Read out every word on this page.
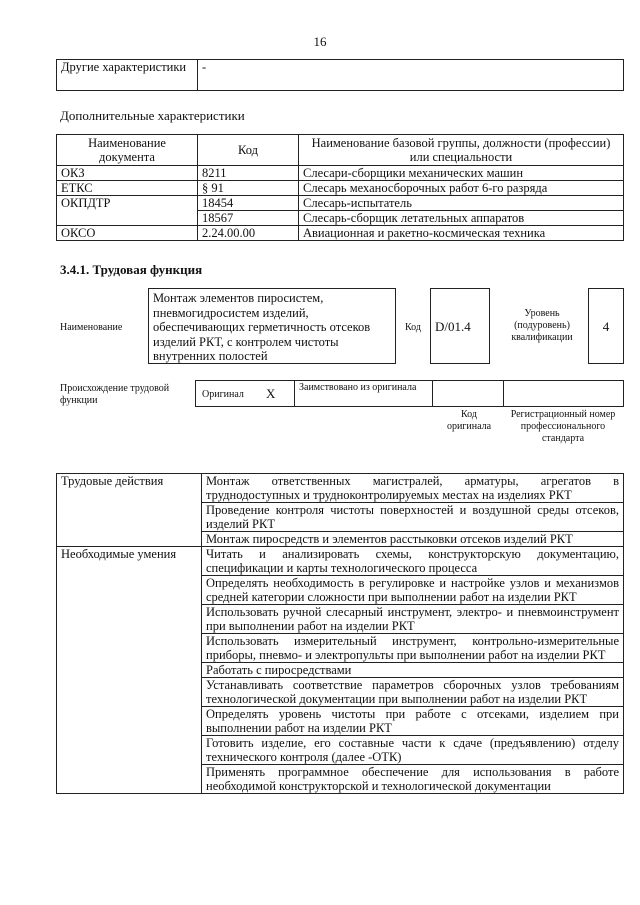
16
Другие характеристики	-
Дополнительные характеристики
Наименование документа	Код	Наименование базовой группы, должности (профессии) или специальности
ОКЗ	8211	Слесари-сборщики механических машин
ЕТКС	§ 91	Слесарь механосборочных работ 6-го разряда
ОКПДТР	18454	Слесарь-испытатель
	18567	Слесарь-сборщик летательных аппаратов
ОКСО	2.24.00.00	Авиационная и ракетно-космическая техника
3.4.1. Трудовая функция
Наименование
Монтаж элементов пиросистем, пневмогидросистем изделий, обеспечивающих герметичность отсеков изделий РКТ, с контролем чистоты внутренних полостей
Код	D/01.4
Уровень (подуровень) квалификации
4
Происхождение трудовой функции
Оригинал X	Заимствовано из оригинала
Код оригинала
Регистрационный номер профессионального стандарта
Трудовые действия	Монтаж ответственных магистралей, арматуры, агрегатов в труднодоступных и трудноконтролируемых местах на изделиях РКТ
	Проведение контроля чистоты поверхностей и воздушной среды отсеков, изделий РКТ
	Монтаж пиросредств и элементов расстыковки отсеков изделий РКТ
Необходимые умения	Читать и анализировать схемы, конструкторскую документацию, спецификации и карты технологического процесса
	Определять необходимость в регулировке и настройке узлов и механизмов средней категории сложности при выполнении работ на изделии РКТ
	Использовать ручной слесарный инструмент, электро- и пневмоинструмент при выполнении работ на изделии РКТ
	Использовать измерительный инструмент, контрольно-измерительные приборы, пневмо- и электропульты при выполнении работ на изделии РКТ
	Работать с пиросредствами
	Устанавливать соответствие параметров сборочных узлов требованиям технологической документации при выполнении работ на изделии РКТ
	Определять уровень чистоты при работе с отсеками, изделием при выполнении работ на изделии РКТ
	Готовить изделие, его составные части к сдаче (предъявлению) отделу технического контроля (далее -ОТК)
	Применять программное обеспечение для использования в работе необходимой конструкторской и технологической документации
